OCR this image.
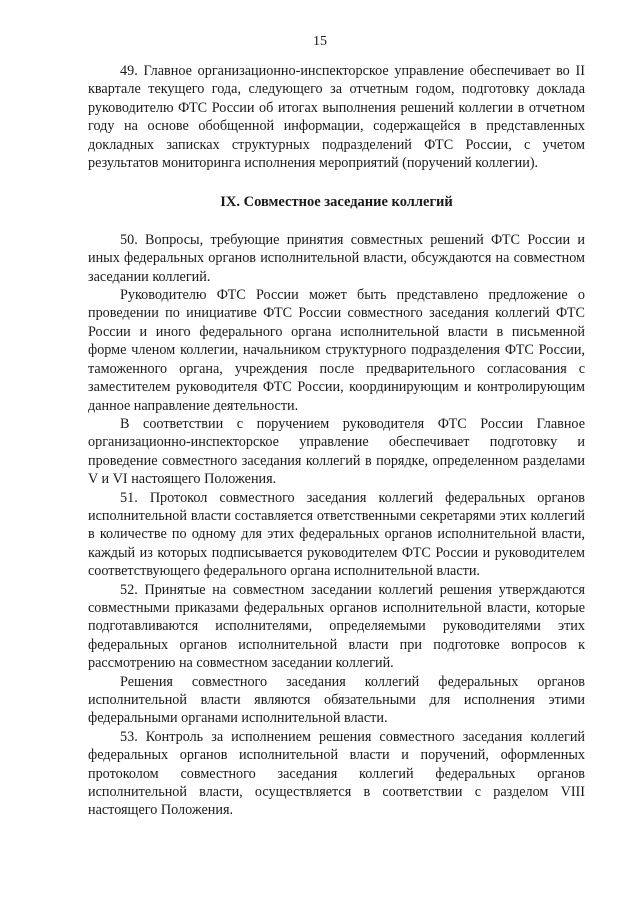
15

49. Главное организационно-инспекторское управление обеспечивает во II квартале текущего года, следующего за отчетным годом, подготовку доклада руководителю ФТС России об итогах выполнения решений коллегии в отчетном году на основе обобщенной информации, содержащейся в представленных докладных записках структурных подразделений ФТС России, с учетом результатов мониторинга исполнения мероприятий (поручений коллегии).

IX. Совместное заседание коллегий

50. Вопросы, требующие принятия совместных решений ФТС России и иных федеральных органов исполнительной власти, обсуждаются на совместном заседании коллегий.

Руководителю ФТС России может быть представлено предложение о проведении по инициативе ФТС России совместного заседания коллегий ФТС России и иного федерального органа исполнительной власти в письменной форме членом коллегии, начальником структурного подразделения ФТС России, таможенного органа, учреждения после предварительного согласования с заместителем руководителя ФТС России, координирующим и контролирующим данное направление деятельности.

В соответствии с поручением руководителя ФТС России Главное организационно-инспекторское управление обеспечивает подготовку и проведение совместного заседания коллегий в порядке, определенном разделами V и VI настоящего Положения.

51. Протокол совместного заседания коллегий федеральных органов исполнительной власти составляется ответственными секретарями этих коллегий в количестве по одному для этих федеральных органов исполнительной власти, каждый из которых подписывается руководителем ФТС России и руководителем соответствующего федерального органа исполнительной власти.

52. Принятые на совместном заседании коллегий решения утверждаются совместными приказами федеральных органов исполнительной власти, которые подготавливаются исполнителями, определяемыми руководителями этих федеральных органов исполнительной власти при подготовке вопросов к рассмотрению на совместном заседании коллегий.

Решения совместного заседания коллегий федеральных органов исполнительной власти являются обязательными для исполнения этими федеральными органами исполнительной власти.

53. Контроль за исполнением решения совместного заседания коллегий федеральных органов исполнительной власти и поручений, оформленных протоколом совместного заседания коллегий федеральных органов исполнительной власти, осуществляется в соответствии с разделом VIII настоящего Положения.
